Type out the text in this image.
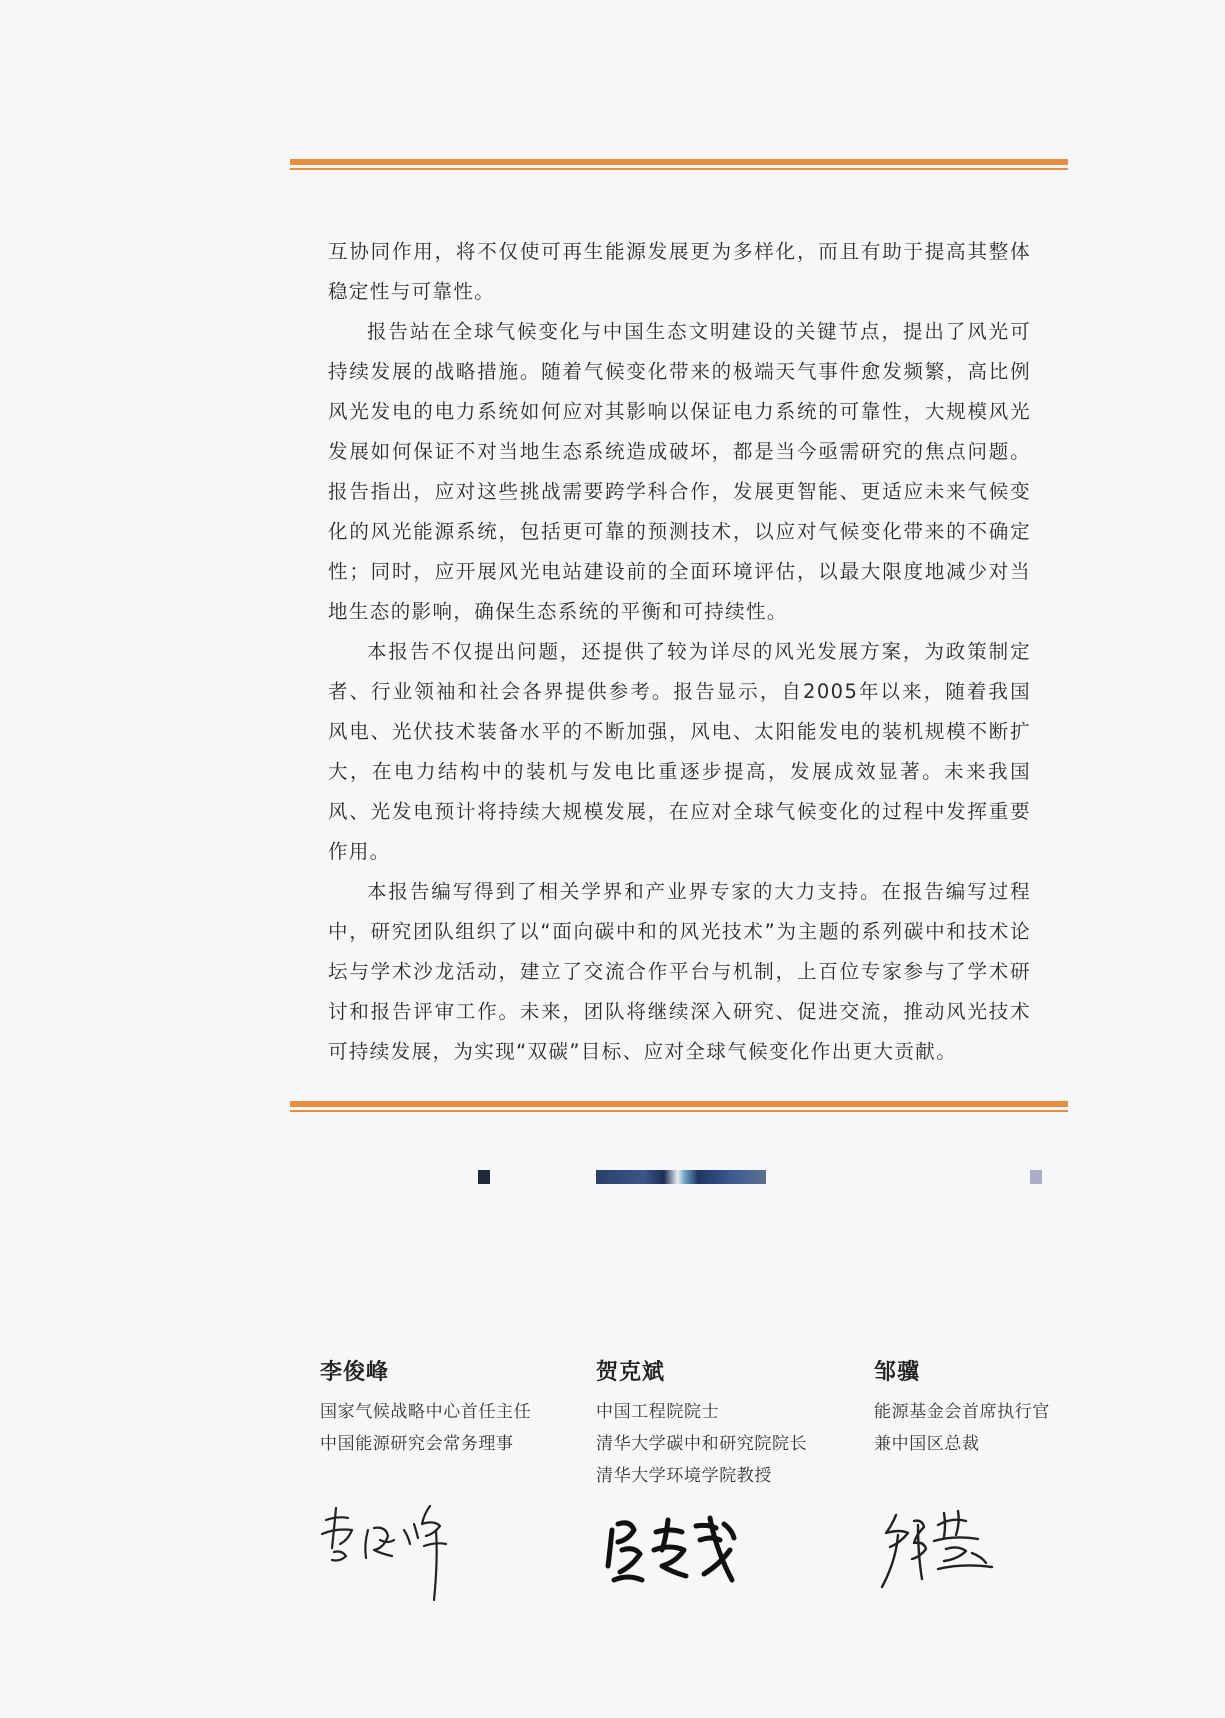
互协同作用，将不仅使可再生能源发展更为多样化，而且有助于提高其整体稳定性与可靠性。

报告站在全球气候变化与中国生态文明建设的关键节点，提出了风光可持续发展的战略措施。随着气候变化带来的极端天气事件愈发频繁，高比例风光发电的电力系统如何应对其影响以保证电力系统的可靠性，大规模风光发展如何保证不对当地生态系统造成破坏，都是当今亟需研究的焦点问题。报告指出，应对这些挑战需要跨学科合作，发展更智能、更适应未来气候变化的风光能源系统，包括更可靠的预测技术，以应对气候变化带来的不确定性；同时，应开展风光电站建设前的全面环境评估，以最大限度地减少对当地生态的影响，确保生态系统的平衡和可持续性。

本报告不仅提出问题，还提供了较为详尽的风光发展方案，为政策制定者、行业领袖和社会各界提供参考。报告显示，自2005年以来，随着我国风电、光伏技术装备水平的不断加强，风电、太阳能发电的装机规模不断扩大，在电力结构中的装机与发电比重逐步提高，发展成效显著。未来我国风、光发电预计将持续大规模发展，在应对全球气候变化的过程中发挥重要作用。

本报告编写得到了相关学界和产业界专家的大力支持。在报告编写过程中，研究团队组织了以“面向碳中和的风光技术”为主题的系列碳中和技术论坛与学术沙龙活动，建立了交流合作平台与机制，上百位专家参与了学术研讨和报告评审工作。未来，团队将继续深入研究、促进交流，推动风光技术可持续发展，为实现“双碳”目标、应对全球气候变化作出更大贡献。

李俊峰
国家气候战略中心首任主任
中国能源研究会常务理事
贺克斌
中国工程院院士
清华大学碳中和研究院院长
清华大学环境学院教授
邹骥
能源基金会首席执行官
兼中国区总裁
